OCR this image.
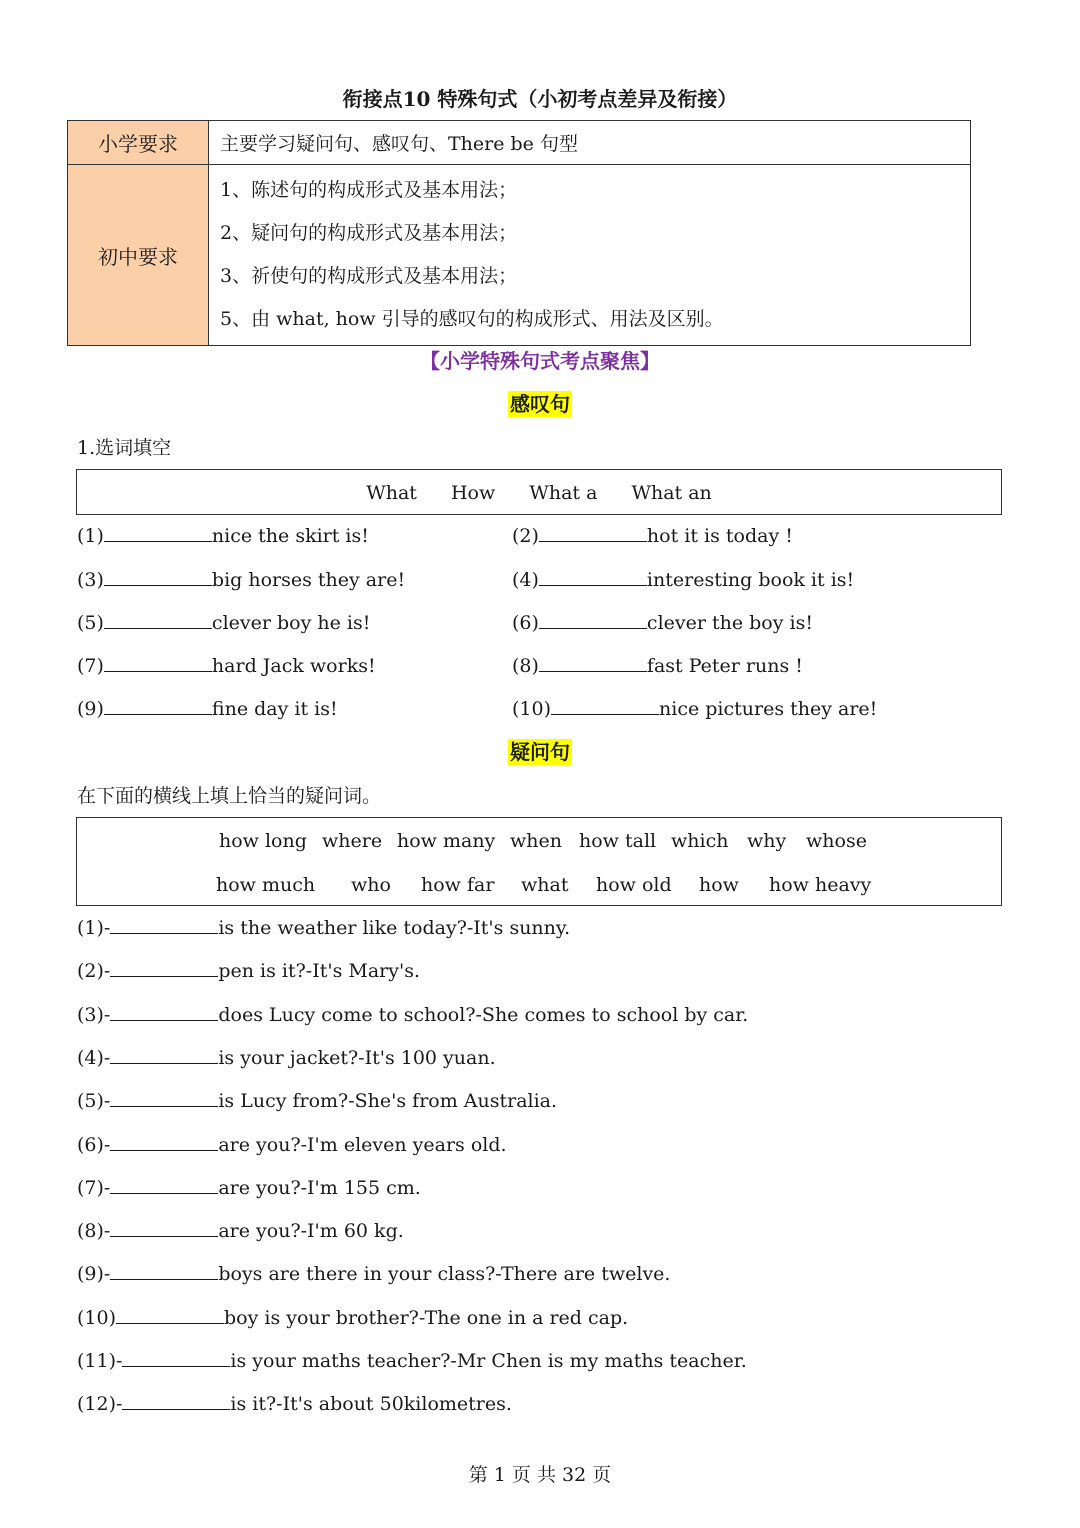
衔接点10 特殊句式（小初考点差异及衔接）
小学要求	主要学习疑问句、感叹句、There be 句型
初中要求	1、陈述句的构成形式及基本用法；
2、疑问句的构成形式及基本用法；
3、祈使句的构成形式及基本用法；
5、由 what, how 引导的感叹句的构成形式、用法及区别。
【小学特殊句式考点聚焦】
感叹句
1.选词填空
What How What a What an
(1)	nice the skirt is!
(3)	big horses they are!
(5)	clever boy he is!
(7)	hard Jack works!
(9)	fine day it is!
(2)	hot it is today !
(4)	interesting book it is!
(6)	clever the boy is!
(8)	fast Peter runs !
(10)	nice pictures they are!
疑问句
在下面的横线上填上恰当的疑问词。
how long where how many when how tall which why whose
how much who how far what how old how how heavy
(1)-	is the weather like today?-It's sunny.
(2)-	pen is it?-It's Mary's.
(3)-	does Lucy come to school?-She comes to school by car.
(4)-	is your jacket?-It's 100 yuan.
(5)-	is Lucy from?-She's from Australia.
(6)-	are you?-I'm eleven years old.
(7)-	are you?-I'm 155 cm.
(8)-	are you?-I'm 60 kg.
(9)-	boys are there in your class?-There are twelve.
(10)	boy is your brother?-The one in a red cap.
(11)-	is your maths teacher?-Mr Chen is my maths teacher.
(12)-	is it?-It's about 50kilometres.
第 1 页 共 32 页
